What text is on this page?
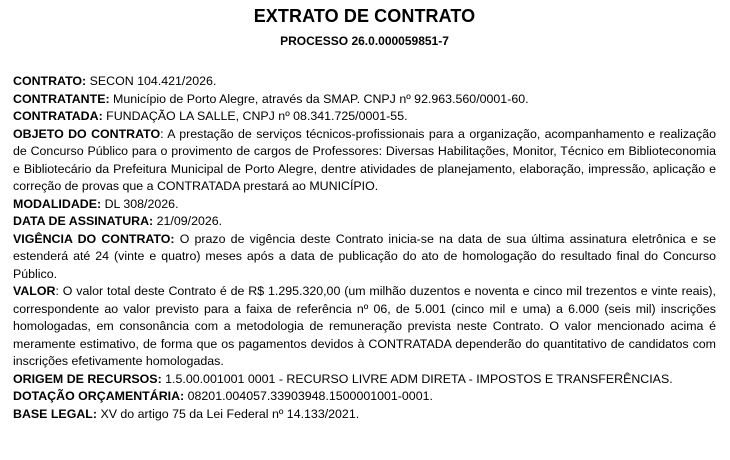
EXTRATO DE CONTRATO
PROCESSO 26.0.000059851-7

CONTRATO: SECON 104.421/2026.

CONTRATANTE: Município de Porto Alegre, através da SMAP. CNPJ nº 92.963.560/0001-60.

CONTRATADA: FUNDAÇÃO LA SALLE, CNPJ nº 08.341.725/0001-55.

OBJETO DO CONTRATO: A prestação de serviços técnicos-profissionais para a organização, acompanhamento e realização de Concurso Público para o provimento de cargos de Professores: Diversas Habilitações, Monitor, Técnico em Biblioteconomia e Bibliotecário da Prefeitura Municipal de Porto Alegre, dentre atividades de planejamento, elaboração, impressão, aplicação e correção de provas que a CONTRATADA prestará ao MUNICÍPIO.

MODALIDADE: DL 308/2026.

DATA DE ASSINATURA: 21/09/2026.

VIGÊNCIA DO CONTRATO: O prazo de vigência deste Contrato inicia-se na data de sua última assinatura eletrônica e se estenderá até 24 (vinte e quatro) meses após a data de publicação do ato de homologação do resultado final do Concurso Público.

VALOR: O valor total deste Contrato é de R$ 1.295.320,00 (um milhão duzentos e noventa e cinco mil trezentos e vinte reais), correspondente ao valor previsto para a faixa de referência nº 06, de 5.001 (cinco mil e uma) a 6.000 (seis mil) inscrições homologadas, em consonância com a metodologia de remuneração prevista neste Contrato. O valor mencionado acima é meramente estimativo, de forma que os pagamentos devidos à CONTRATADA dependerão do quantitativo de candidatos com inscrições efetivamente homologadas.

ORIGEM DE RECURSOS: 1.5.00.001001 0001 - RECURSO LIVRE ADM DIRETA - IMPOSTOS E TRANSFERÊNCIAS.

DOTAÇÃO ORÇAMENTÁRIA: 08201.004057.33903948.1500001001-0001.

BASE LEGAL: XV do artigo 75 da Lei Federal nº 14.133/2021.
